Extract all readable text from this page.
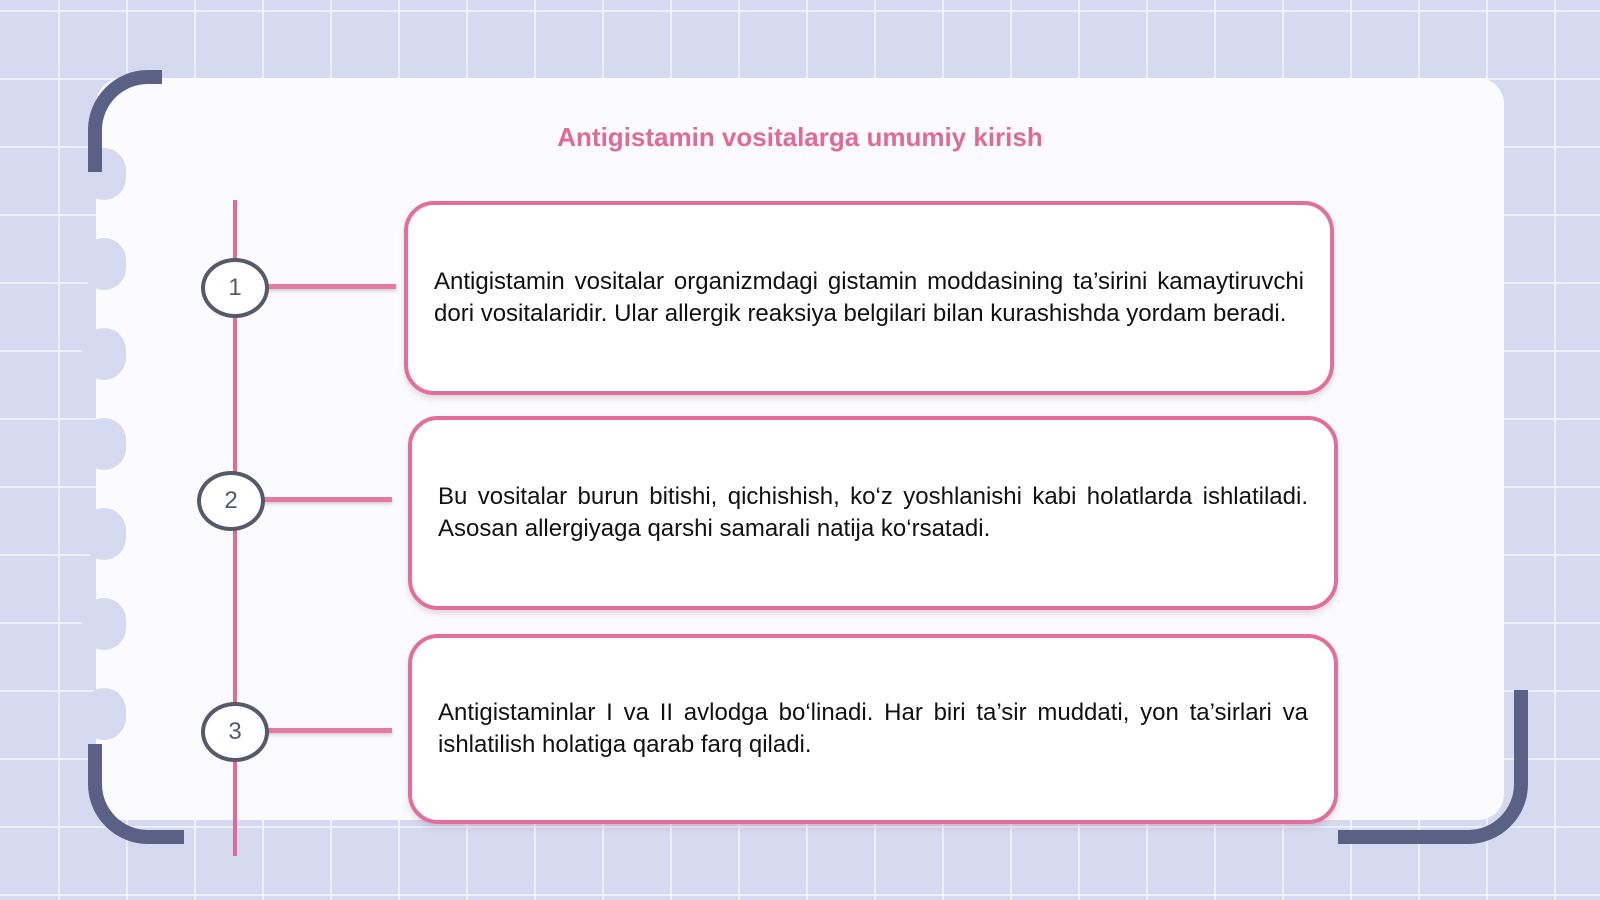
Antigistamin vositalarga umumiy kirish
1
2
3

Antigistamin vositalar organizmdagi gistamin moddasining ta’sirini kamaytiruvchi dori vositalaridir. Ular allergik reaksiya belgilari bilan kurashishda yordam beradi.

Bu vositalar burun bitishi, qichishish, ko‘z yoshlanishi kabi holatlarda ishlatiladi. Asosan allergiyaga qarshi samarali natija ko‘rsatadi.

Antigistaminlar I va II avlodga bo‘linadi. Har biri ta’sir muddati, yon ta’sirlari va ishlatilish holatiga qarab farq qiladi.
